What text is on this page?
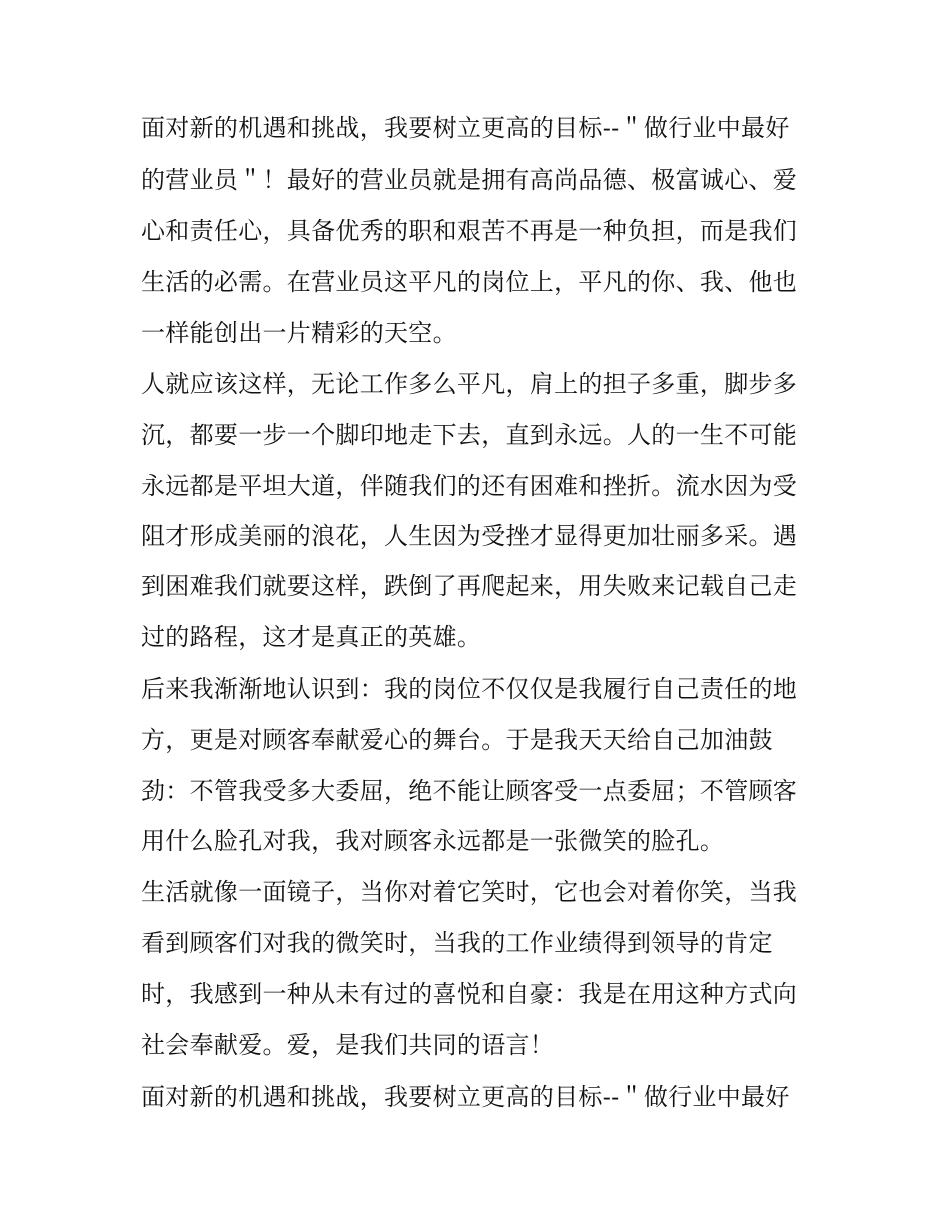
面对新的机遇和挑战，我要树立更高的目标--＂做行业中最好
的营业员＂！最好的营业员就是拥有高尚品德、极富诚心、爱
心和责任心，具备优秀的职和艰苦不再是一种负担，而是我们
生活的必需。在营业员这平凡的岗位上，平凡的你、我、他也
一样能创出一片精彩的天空。
人就应该这样，无论工作多么平凡，肩上的担子多重，脚步多
沉，都要一步一个脚印地走下去，直到永远。人的一生不可能
永远都是平坦大道，伴随我们的还有困难和挫折。流水因为受
阻才形成美丽的浪花，人生因为受挫才显得更加壮丽多采。遇
到困难我们就要这样，跌倒了再爬起来，用失败来记载自己走
过的路程，这才是真正的英雄。
后来我渐渐地认识到：我的岗位不仅仅是我履行自己责任的地
方，更是对顾客奉献爱心的舞台。于是我天天给自己加油鼓
劲：不管我受多大委屈，绝不能让顾客受一点委屈；不管顾客
用什么脸孔对我，我对顾客永远都是一张微笑的脸孔。
生活就像一面镜子，当你对着它笑时，它也会对着你笑，当我
看到顾客们对我的微笑时，当我的工作业绩得到领导的肯定
时，我感到一种从未有过的喜悦和自豪：我是在用这种方式向
社会奉献爱。爱，是我们共同的语言！
面对新的机遇和挑战，我要树立更高的目标--＂做行业中最好
